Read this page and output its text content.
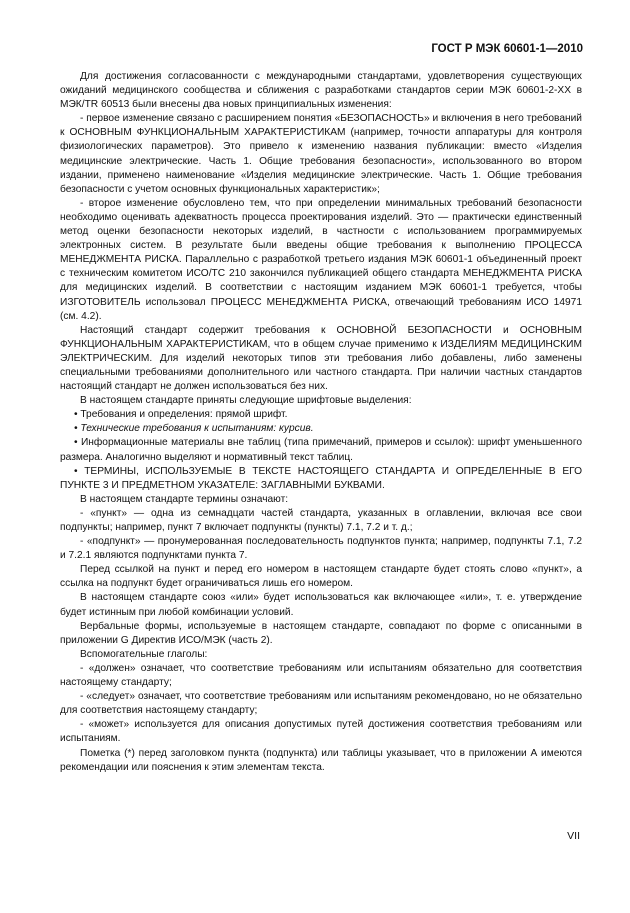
ГОСТ Р МЭК 60601-1—2010

Для достижения согласованности с международными стандартами, удовлетворения существующих ожиданий медицинского сообщества и сближения с разработками стандартов серии МЭК 60601-2-ХХ в МЭК/TR 60513 были внесены два новых принципиальных изменения:

- первое изменение связано с расширением понятия «БЕЗОПАСНОСТЬ» и включения в него требований к ОСНОВНЫМ ФУНКЦИОНАЛЬНЫМ ХАРАКТЕРИСТИКАМ (например, точности аппаратуры для контроля физиологических параметров). Это привело к изменению названия публикации: вместо «Изделия медицинские электрические. Часть 1. Общие требования безопасности», использованного во втором издании, применено наименование «Изделия медицинские электрические. Часть 1. Общие требования безопасности с учетом основных функциональных характеристик»;

- второе изменение обусловлено тем, что при определении минимальных требований безопасности необходимо оценивать адекватность процесса проектирования изделий. Это — практически единственный метод оценки безопасности некоторых изделий, в частности с использованием программируемых электронных систем. В результате были введены общие требования к выполнению ПРОЦЕССА МЕНЕДЖМЕНТА РИСКА. Параллельно с разработкой третьего издания МЭК 60601-1 объединенный проект с техническим комитетом ИСО/ТС 210 закончился публикацией общего стандарта МЕНЕДЖМЕНТА РИСКА для медицинских изделий. В соответствии с настоящим изданием МЭК 60601-1 требуется, чтобы ИЗГОТОВИТЕЛЬ использовал ПРОЦЕСС МЕНЕДЖМЕНТА РИСКА, отвечающий требованиям ИСО 14971 (см. 4.2).

Настоящий стандарт содержит требования к ОСНОВНОЙ БЕЗОПАСНОСТИ и ОСНОВНЫМ ФУНКЦИОНАЛЬНЫМ ХАРАКТЕРИСТИКАМ, что в общем случае применимо к ИЗДЕЛИЯМ МЕДИЦИНСКИМ ЭЛЕКТРИЧЕСКИМ. Для изделий некоторых типов эти требования либо добавлены, либо заменены специальными требованиями дополнительного или частного стандарта. При наличии частных стандартов настоящий стандарт не должен использоваться без них.

В настоящем стандарте приняты следующие шрифтовые выделения:

• Требования и определения: прямой шрифт.

• Технические требования к испытаниям: курсив.

• Информационные материалы вне таблиц (типа примечаний, примеров и ссылок): шрифт уменьшенного размера. Аналогично выделяют и нормативный текст таблиц.

• ТЕРМИНЫ, ИСПОЛЬЗУЕМЫЕ В ТЕКСТЕ НАСТОЯЩЕГО СТАНДАРТА И ОПРЕДЕЛЕННЫЕ В ЕГО ПУНКТЕ 3 И ПРЕДМЕТНОМ УКАЗАТЕЛЕ: ЗАГЛАВНЫМИ БУКВАМИ.

В настоящем стандарте термины означают:

- «пункт» — одна из семнадцати частей стандарта, указанных в оглавлении, включая все свои подпункты; например, пункт 7 включает подпункты (пункты) 7.1, 7.2 и т. д.;

- «подпункт» — пронумерованная последовательность подпунктов пункта; например, подпункты 7.1, 7.2 и 7.2.1 являются подпунктами пункта 7.

Перед ссылкой на пункт и перед его номером в настоящем стандарте будет стоять слово «пункт», а ссылка на подпункт будет ограничиваться лишь его номером.

В настоящем стандарте союз «или» будет использоваться как включающее «или», т. е. утверждение будет истинным при любой комбинации условий.

Вербальные формы, используемые в настоящем стандарте, совпадают по форме с описанными в приложении G Директив ИСО/МЭК (часть 2).

Вспомогательные глаголы:

- «должен» означает, что соответствие требованиям или испытаниям обязательно для соответствия настоящему стандарту;

- «следует» означает, что соответствие требованиям или испытаниям рекомендовано, но не обязательно для соответствия настоящему стандарту;

- «может» используется для описания допустимых путей достижения соответствия требованиям или испытаниям.

Пометка (*) перед заголовком пункта (подпункта) или таблицы указывает, что в приложении А имеются рекомендации или пояснения к этим элементам текста.

VII
